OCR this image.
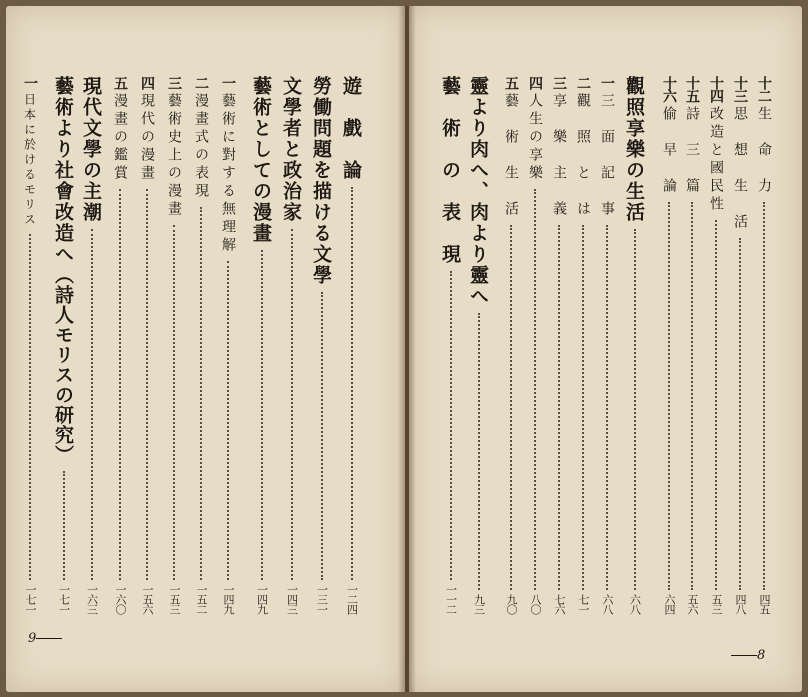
遊　戲　論
一二四
勞働問題を描ける文學
一三一
文學者と政治家
一四三
藝術としての漫畫
一四九
一
藝術に對する無理解
一四九
二
漫畫式の表現
一五二
三
藝術史上の漫畫
一五三
四
現代の漫畫
一五六
五
漫畫の鑑賞
一六〇
現代文學の主潮
一六三
藝術より社會改造へ
（詩人モリスの研究）
一七一
一
日本に於けるモリス
一七一
9
十二
生　命　力
四五
十三
思　想　生　活
四八
十四
改造と國民性
五三
十五
詩　三　篇
五六
十六
偷　早　論
六四
觀照享樂の生活
六八
一
三　面　記　事
六八
二
觀　照　と　は
七一
三
享　樂　主　義
七六
四
人生の享樂
八〇
五
藝　術　生　活
九〇
靈より肉へ、肉より靈へ
九三
藝　術　の　表　現
一一二
8
